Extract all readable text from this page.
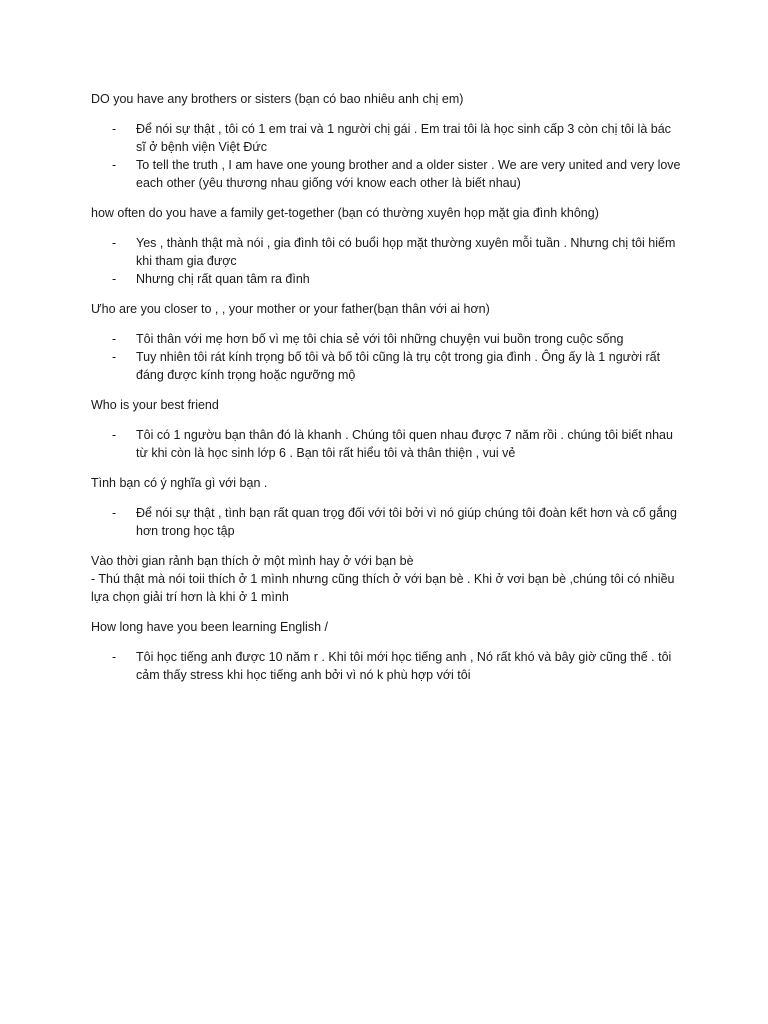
DO you have any brothers or sisters (bạn có bao nhiêu anh chị em)
- Để nói sự thật , tôi có 1 em trai và 1 người chị gái . Em trai tôi là học sinh cấp 3 còn chị tôi là bác sĩ ở bệnh viện Việt Đức
- To tell the truth , I am have one young brother and a older sister . We are very united and very love each other (yêu thương nhau giống với know each other là biết nhau)
how often do you have a family get-together (bạn có thường xuyên họp mặt gia đình không)
- Yes , thành thật mà nói , gia đình tôi có buổi họp mặt thường xuyên mỗi tuần . Nhưng chị tôi hiếm khi tham gia được
- Nhưng chị rất quan tâm ra đình
Ưho are you closer to , , your mother or your father(bạn thân với ai hơn)
- Tôi thân với mẹ hơn bố vì mẹ tôi chia sẻ với tôi những chuyện vui buồn trong cuộc sống
- Tuy nhiên tôi rát kính trọng bố tôi và bố tôi cũng là trụ cột trong gia đình . Ông ấy là 1 người rất đáng được kính trọng hoặc ngưỡng mộ
Who is your best friend
- Tôi có 1 ngườu bạn thân đó là khanh . Chúng tôi quen nhau được 7 năm rồi . chúng tôi biết nhau từ khi còn là học sinh lớp 6 . Bạn tôi rất hiểu tôi và thân thiện , vui vẻ
Tình bạn có ý nghĩa gì với bạn .
- Để nói sự thật , tình bạn rất quan trọg đối với tôi bởi vì nó giúp chúng tôi đoàn kết hơn và cố gắng hơn trong học tập
Vào thời gian rảnh bạn thích ở một mình hay ở với bạn bè
- Thú thật mà nói toii thích ở 1 mình nhưng cũng thích ở với bạn bè . Khi ở vơi bạn bè ,chúng tôi có nhiều lựa chọn giải trí hơn là khi ở 1 mình
How long have you been learning English /
- Tôi học tiếng anh được 10 năm r . Khi tôi mới học tiếng anh , Nó rất khó và bây giờ cũng thế . tôi cảm thấy stress khi học tiếng anh bởi vì nó k phù hợp với tôi
